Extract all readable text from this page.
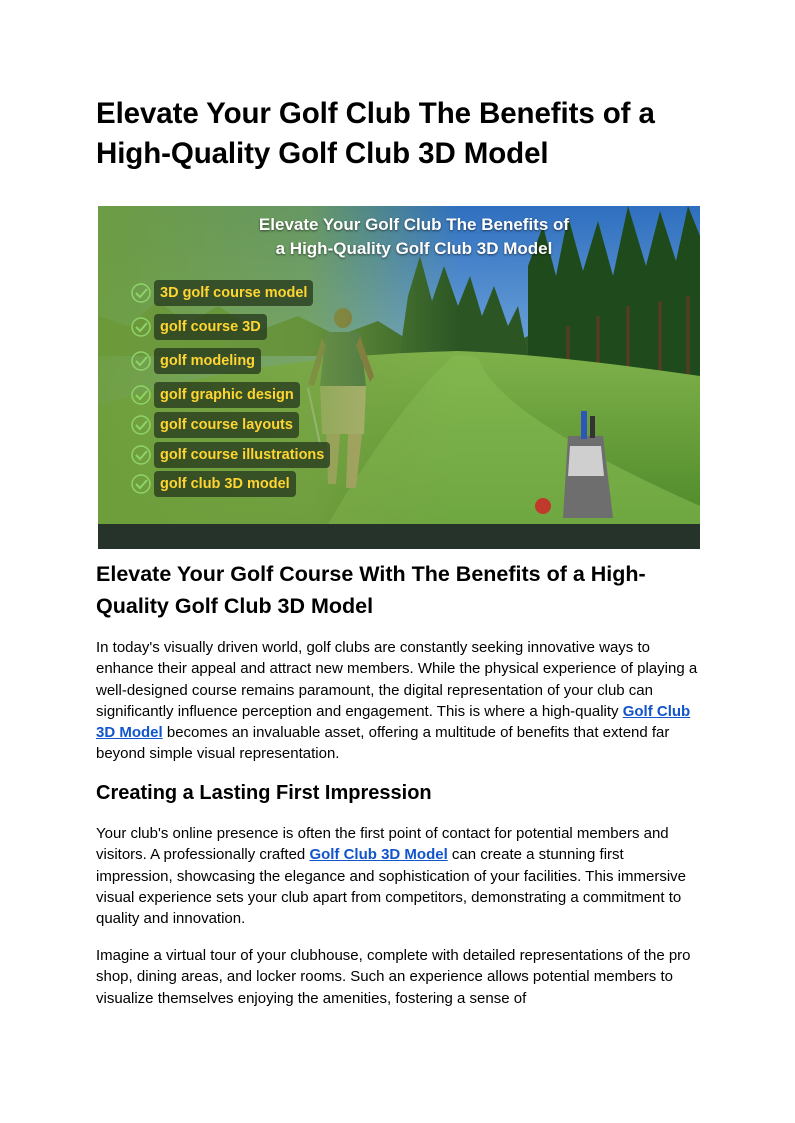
Elevate Your Golf Club The Benefits of a High-Quality Golf Club 3D Model
Elevate Your Golf Club The Benefits of
a High-Quality Golf Club 3D Model
3D golf course model
golf course 3D
golf modeling
golf graphic design
golf course layouts
golf course illustrations
golf club 3D model
Elevate Your Golf Course With The Benefits of a High-Quality Golf Club 3D Model

In today's visually driven world, golf clubs are constantly seeking innovative ways to enhance their appeal and attract new members. While the physical experience of playing a well-designed course remains paramount, the digital representation of your club can significantly influence perception and engagement. This is where a high-quality Golf Club 3D Model becomes an invaluable asset, offering a multitude of benefits that extend far beyond simple visual representation.

Creating a Lasting First Impression

Your club's online presence is often the first point of contact for potential members and visitors. A professionally crafted Golf Club 3D Model can create a stunning first impression, showcasing the elegance and sophistication of your facilities. This immersive visual experience sets your club apart from competitors, demonstrating a commitment to quality and innovation.

Imagine a virtual tour of your clubhouse, complete with detailed representations of the pro shop, dining areas, and locker rooms. Such an experience allows potential members to visualize themselves enjoying the amenities, fostering a sense of
